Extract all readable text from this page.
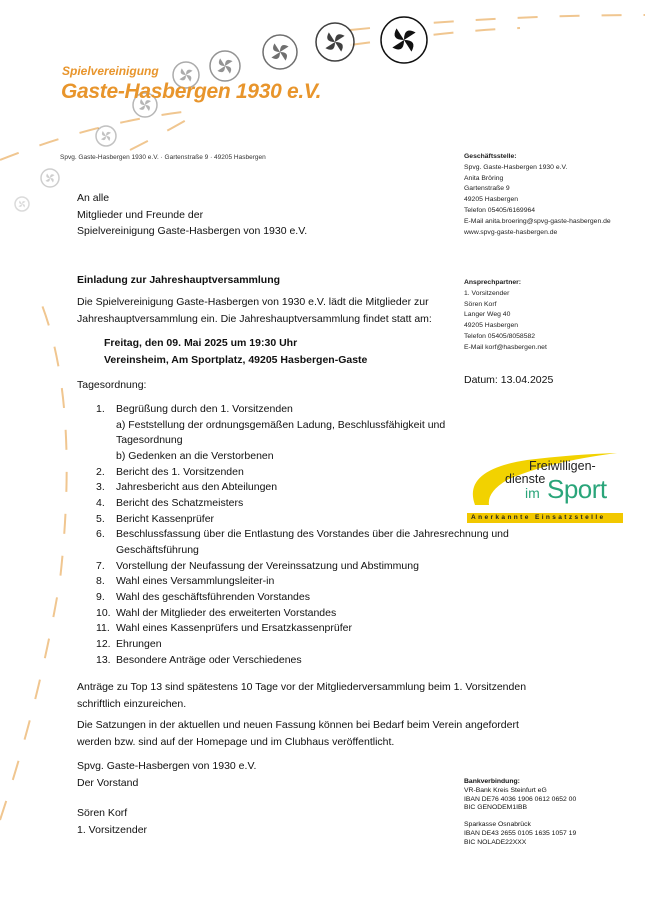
Spielvereinigung
Gaste-Hasbergen 1930 e.V.
Spvg. Gaste-Hasbergen 1930 e.V. · Gartenstraße 9 · 49205 Hasbergen	Geschäftsstelle:
Spvg. Gaste-Hasbergen 1930 e.V.
Anita Bröring
Gartenstraße 9
49205 Hasbergen
Telefon 05405/6169964
E-Mail anita.broering@spvg-gaste-hasbergen.de
www.spvg-gaste-hasbergen.de
Ansprechpartner:
1. Vorsitzender
Sören Korf
Langer Weg 40
49205 Hasbergen
Telefon 05405/8058582
E-Mail korf@hasbergen.net
Datum: 13.04.2025
An alle
Mitglieder und Freunde der
Spielvereinigung Gaste-Hasbergen von 1930 e.V.
Einladung zur Jahreshauptversammlung
Die Spielvereinigung Gaste-Hasbergen von 1930 e.V. lädt die Mitglieder zur
Jahreshauptversammlung ein. Die Jahreshauptversammlung findet statt am:
Freitag, den 09. Mai 2025 um 19:30 Uhr
Vereinsheim, Am Sportplatz, 49205 Hasbergen-Gaste
Tagesordnung:
1.	Begrüßung durch den 1. Vorsitzenden
a) Feststellung der ordnungsgemäßen Ladung, Beschlussfähigkeit und
Tagesordnung
b) Gedenken an die Verstorbenen
2.	Bericht des 1. Vorsitzenden
3.	Jahresbericht aus den Abteilungen
4.	Bericht des Schatzmeisters
5.	Bericht Kassenprüfer
6.	Beschlussfassung über die Entlastung des Vorstandes über die Jahresrechnung und
Geschäftsführung
7.	Vorstellung der Neufassung der Vereinssatzung und Abstimmung
8.	Wahl eines Versammlungsleiter-in
9.	Wahl des geschäftsführenden Vorstandes
10. Wahl der Mitglieder des erweiterten Vorstandes
11. Wahl eines Kassenprüfers und Ersatzkassenprüfer
12. Ehrungen
13. Besondere Anträge oder Verschiedenes
Anträge zu Top 13 sind spätestens 10 Tage vor der Mitgliederversammlung beim 1. Vorsitzenden
schriftlich einzureichen.
Die Satzungen in der aktuellen und neuen Fassung können bei Bedarf beim Verein angefordert
werden bzw. sind auf der Homepage und im Clubhaus veröffentlicht.
Spvg. Gaste-Hasbergen von 1930 e.V.
Der Vorstand
Sören Korf
1. Vorsitzender
Freiwilligen-
dienste
im Sport
Anerkannte Einsatzstelle
Bankverbindung:
VR-Bank Kreis Steinfurt eG
IBAN DE76 4036 1906 0612 0652 00
BIC GENODEM1IBB
Sparkasse Osnabrück
IBAN DE43 2655 0105 1635 1057 19
BIC NOLADE22XXX
